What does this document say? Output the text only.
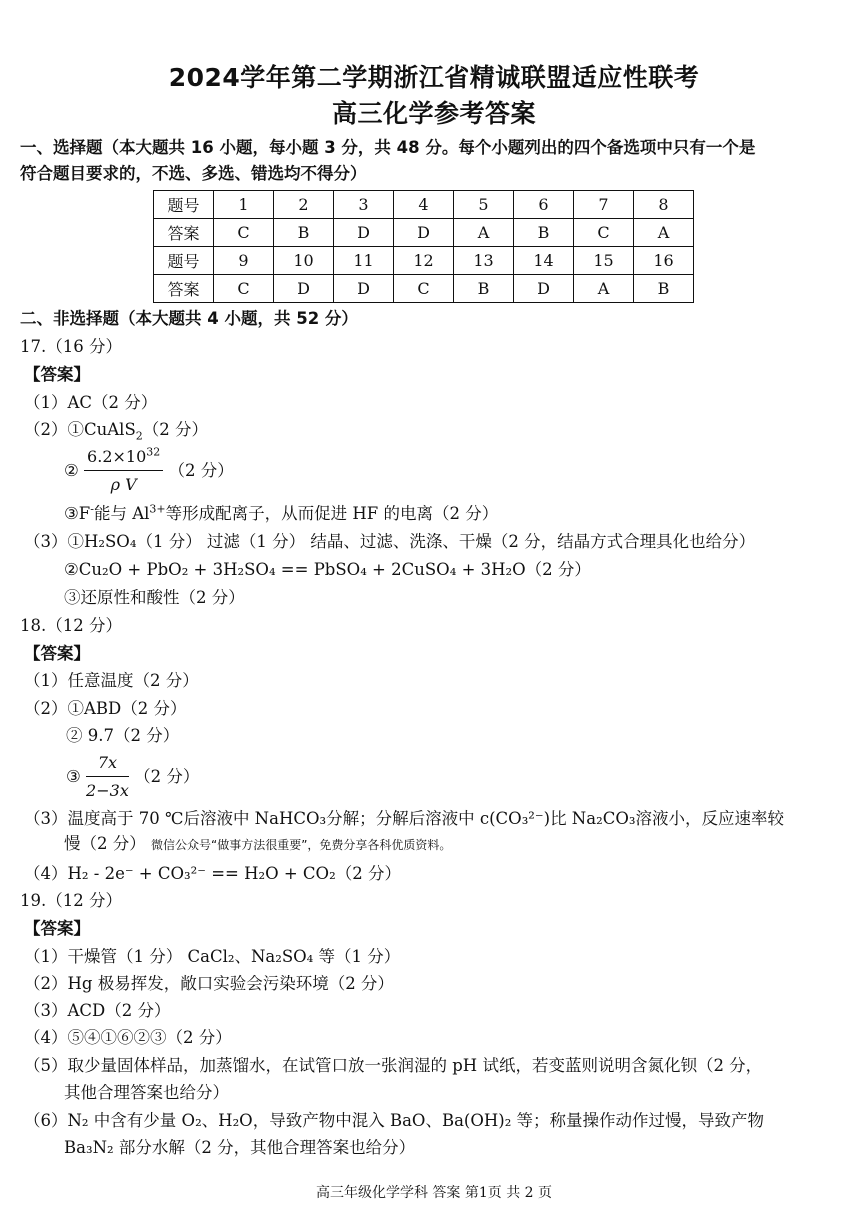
2024学年第二学期浙江省精诚联盟适应性联考
高三化学参考答案
一、选择题（本大题共 16 小题，每小题 3 分，共 48 分。每个小题列出的四个备选项中只有一个是
符合题目要求的，不选、多选、错选均不得分）
题号	1	2	3	4	5	6	7	8
答案	C	B	D	D	A	B	C	A
题号	9	10	11	12	13	14	15	16
答案	C	D	D	C	B	D	A	B
二、非选择题（本大题共 4 小题，共 52 分）
17.（16 分）
【答案】
（1）AC（2 分）
（2）①CuAlS$_2$（2 分）
② $\frac{6.2\times 10^{32}}{\text{ρ V}} (2$ 分）
③F-能与 $Al^{3+}$等形成配离子，从而促进 HF 的电离（2 分）
（3）①H₂SO₄（1 分） 过滤（1 分） 结晶、过滤、洗涤、干燥（2 分，结晶方式合理具化也给分）
②Cu₂O + PbO₂ + 3H₂SO₄ == PbSO₄ + 2CuSO₄ + 3H₂O（2 分）
③还原性和酸性（2 分）
18.（12 分）
【答案】
（1）任意温度（2 分）
（2）①ABD（2 分）
② 9.7（2 分）
③ $\frac{7x}{2-3x} (2$ 分）
（3）温度高于 70 ℃后溶液中 NaHCO₃分解；分解后溶液中 c(CO₃²⁻)比 Na₂CO₃溶液小，反应速率较
慢（2 分） 微信公众号“做事方法很重要”，免费分享各科优质资料。
（4）H₂ - 2e⁻ + CO₃²⁻ == H₂O + CO₂（2 分）
19.（12 分）
【答案】
（1）干燥管（1 分） CaCl₂、Na₂SO₄ 等（1 分）
（2）Hg 极易挥发，敞口实验会污染环境（2 分）
（3）ACD（2 分）
（4）⑤④①⑥②③（2 分）
（5）取少量固体样品，加蒸馏水，在试管口放一张润湿的 pH 试纸，若变蓝则说明含氮化钡（2 分，
其他合理答案也给分）
（6）N₂ 中含有少量 O₂、H₂O，导致产物中混入 BaO、Ba(OH)₂ 等；称量操作动作过慢，导致产物
Ba₃N₂ 部分水解（2 分，其他合理答案也给分）
高三年级化学学科 答案 第1页 共 2 页
